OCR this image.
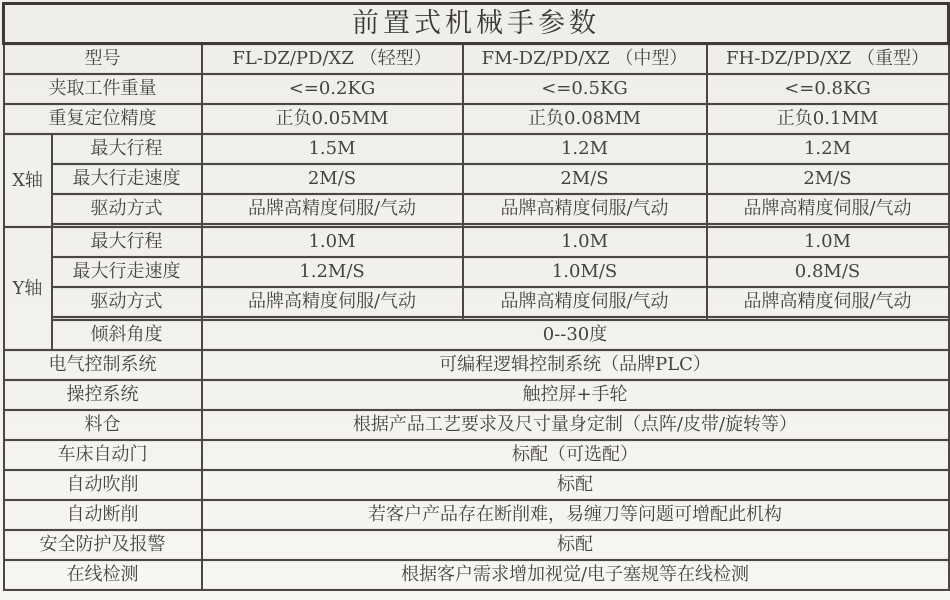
前置式机械手参数				
型号		FL-DZ/PD/XZ （轻型）	FM-DZ/PD/XZ （中型）	FH-DZ/PD/XZ （重型）
夹取工件重量		<=0.2KG	<=0.5KG	<=0.8KG
重复定位精度		正负0.05MM	正负0.08MM	正负0.1MM
X轴	最大行程	1.5M	1.2M	1.2M
	最大行走速度	2M/S	2M/S	2M/S
	驱动方式	品牌高精度伺服/气动	品牌高精度伺服/气动	品牌高精度伺服/气动

Y轴	最大行程	1.0M	1.0M	1.0M
	最大行走速度	1.2M/S	1.0M/S	0.8M/S
	驱动方式	品牌高精度伺服/气动	品牌高精度伺服/气动	品牌高精度伺服/气动

	倾斜角度	0--30度		
电气控制系统		可编程逻辑控制系统（品牌PLC）		
操控系统		触控屏+手轮		
料仓		根据产品工艺要求及尺寸量身定制（点阵/皮带/旋转等）		
车床自动门		标配（可选配）		
自动吹削		标配		
自动断削		若客户产品存在断削难，易缠刀等问题可增配此机构		
安全防护及报警		标配		
在线检测		根据客户需求增加视觉/电子塞规等在线检测		
